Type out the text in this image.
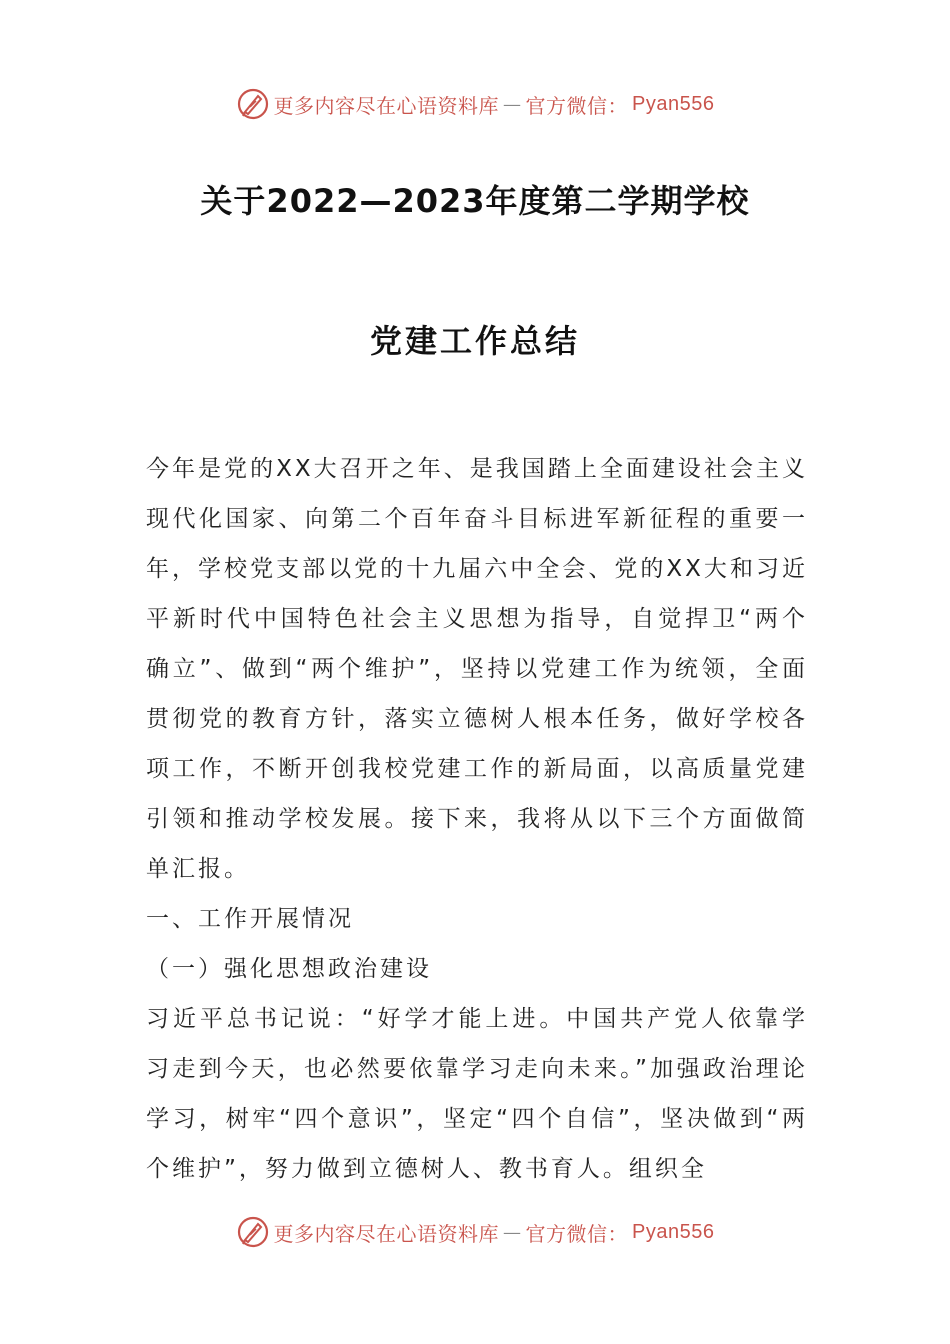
更多内容尽在心语资料库 — 官方微信： Pyan556
关于2022—2023年度第二学期学校
党建工作总结

今年是党的XX大召开之年、是我国踏上全面建设社会主义现代化国家、向第二个百年奋斗目标进军新征程的重要一年，学校党支部以党的十九届六中全会、党的XX大和习近平新时代中国特色社会主义思想为指导，自觉捍卫“两个确立”、做到“两个维护”，坚持以党建工作为统领，全面贯彻党的教育方针，落实立德树人根本任务，做好学校各项工作，不断开创我校党建工作的新局面，以高质量党建引领和推动学校发展。接下来，我将从以下三个方面做简单汇报。

一、工作开展情况

（一）强化思想政治建设

习近平总书记说：“好学才能上进。中国共产党人依靠学习走到今天，也必然要依靠学习走向未来。”加强政治理论学习，树牢“四个意识”，坚定“四个自信”，坚决做到“两个维护”，努力做到立德树人、教书育人。组织全

更多内容尽在心语资料库 — 官方微信： Pyan556
